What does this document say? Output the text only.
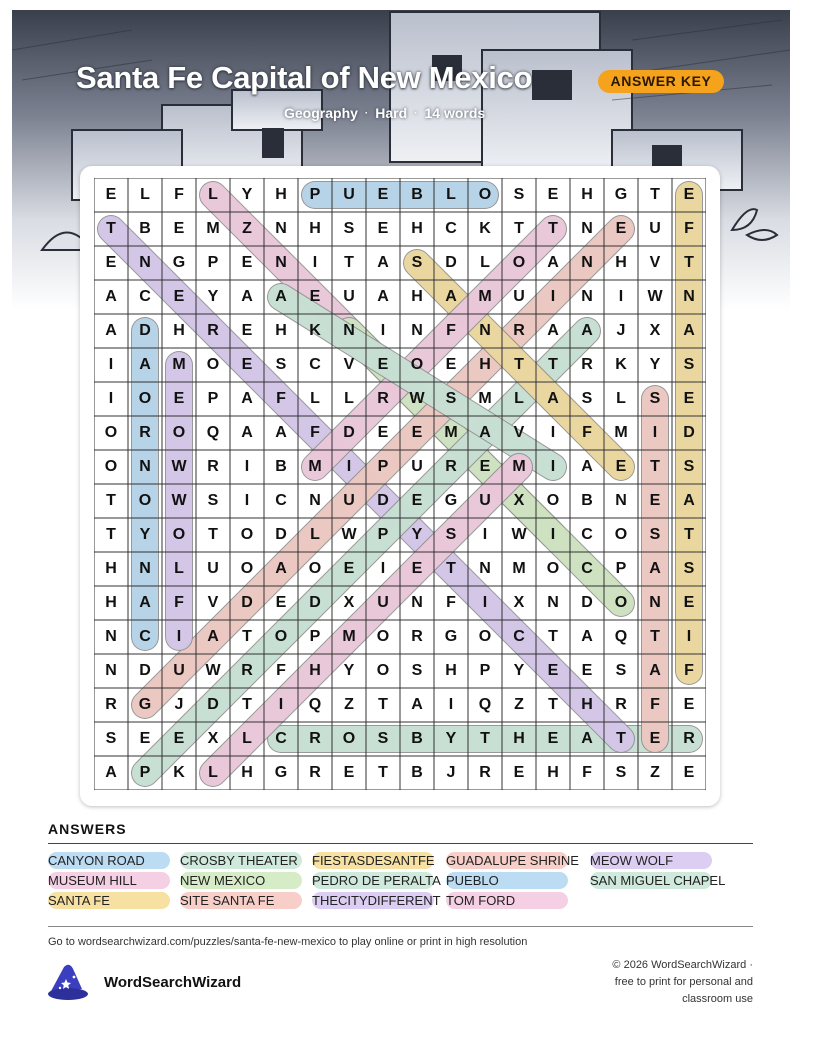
Santa Fe Capital of New Mexico	ANSWER KEY
Geography · Hard · 14 words
E	L	F	L	Y	H	P	U	E	B	L	O	S	E	H	G	T	E
T	B	E	M	Z	N	H	S	E	H	C	K	T	T	N	E	U	F
E	N	G	P	E	N	I	T	A	S	D	L	O	A	N	H	V	T
A	C	E	Y	A	A	E	U	A	H	A	M	U	I	N	I	W	N
A	D	H	R	E	H	K	N	I	N	F	N	R	A	A	J	X	A
I	A	M	O	E	S	C	V	E	O	E	H	T	T	R	K	Y	S
I	O	E	P	A	F	L	L	R	W	S	M	L	A	S	L	S	E
O	R	O	Q	A	A	F	D	E	E	M	A	V	I	F	M	I	D
O	N	W	R	I	B	M	I	P	U	R	E	M	I	A	E	T	S
T	O	W	S	I	C	N	U	D	E	G	U	X	O	B	N	E	A
T	Y	O	T	O	D	L	W	P	Y	S	I	W	I	C	O	S	T
H	N	L	U	O	A	O	E	I	E	T	N	M	O	C	P	A	S
H	A	F	V	D	E	D	X	U	N	F	I	X	N	D	O	N	E
N	C	I	A	T	O	P	M	O	R	G	O	C	T	A	Q	T	I
N	D	U	W	R	F	H	Y	O	S	H	P	Y	E	E	S	A	F
R	G	J	D	T	I	Q	Z	T	A	I	Q	Z	T	H	R	F	E
S	E	E	X	L	C	R	O	S	B	Y	T	H	E	A	T	E	R
A	P	K	L	H	G	R	E	T	B	J	R	E	H	F	S	Z	E
ANSWERS
CANYON ROAD	CROSBY THEATER	FIESTASDESANTFE GUADALUPE SHRINE MEOW WOLF
MUSEUM HILL	NEW MEXICO	PEDRO DE PERALTA PUEBLO	SAN MIGUEL CHAPEL
SANTA FE	SITE SANTA FE	THECITYDIFFERENT TOM FORD
Go to wordsearchwizard.com/puzzles/santa-fe-new-mexico to play online or print in high resolution
WordSearchWizard
© 2026 WordSearchWizard ·
free to print for personal and
classroom use
